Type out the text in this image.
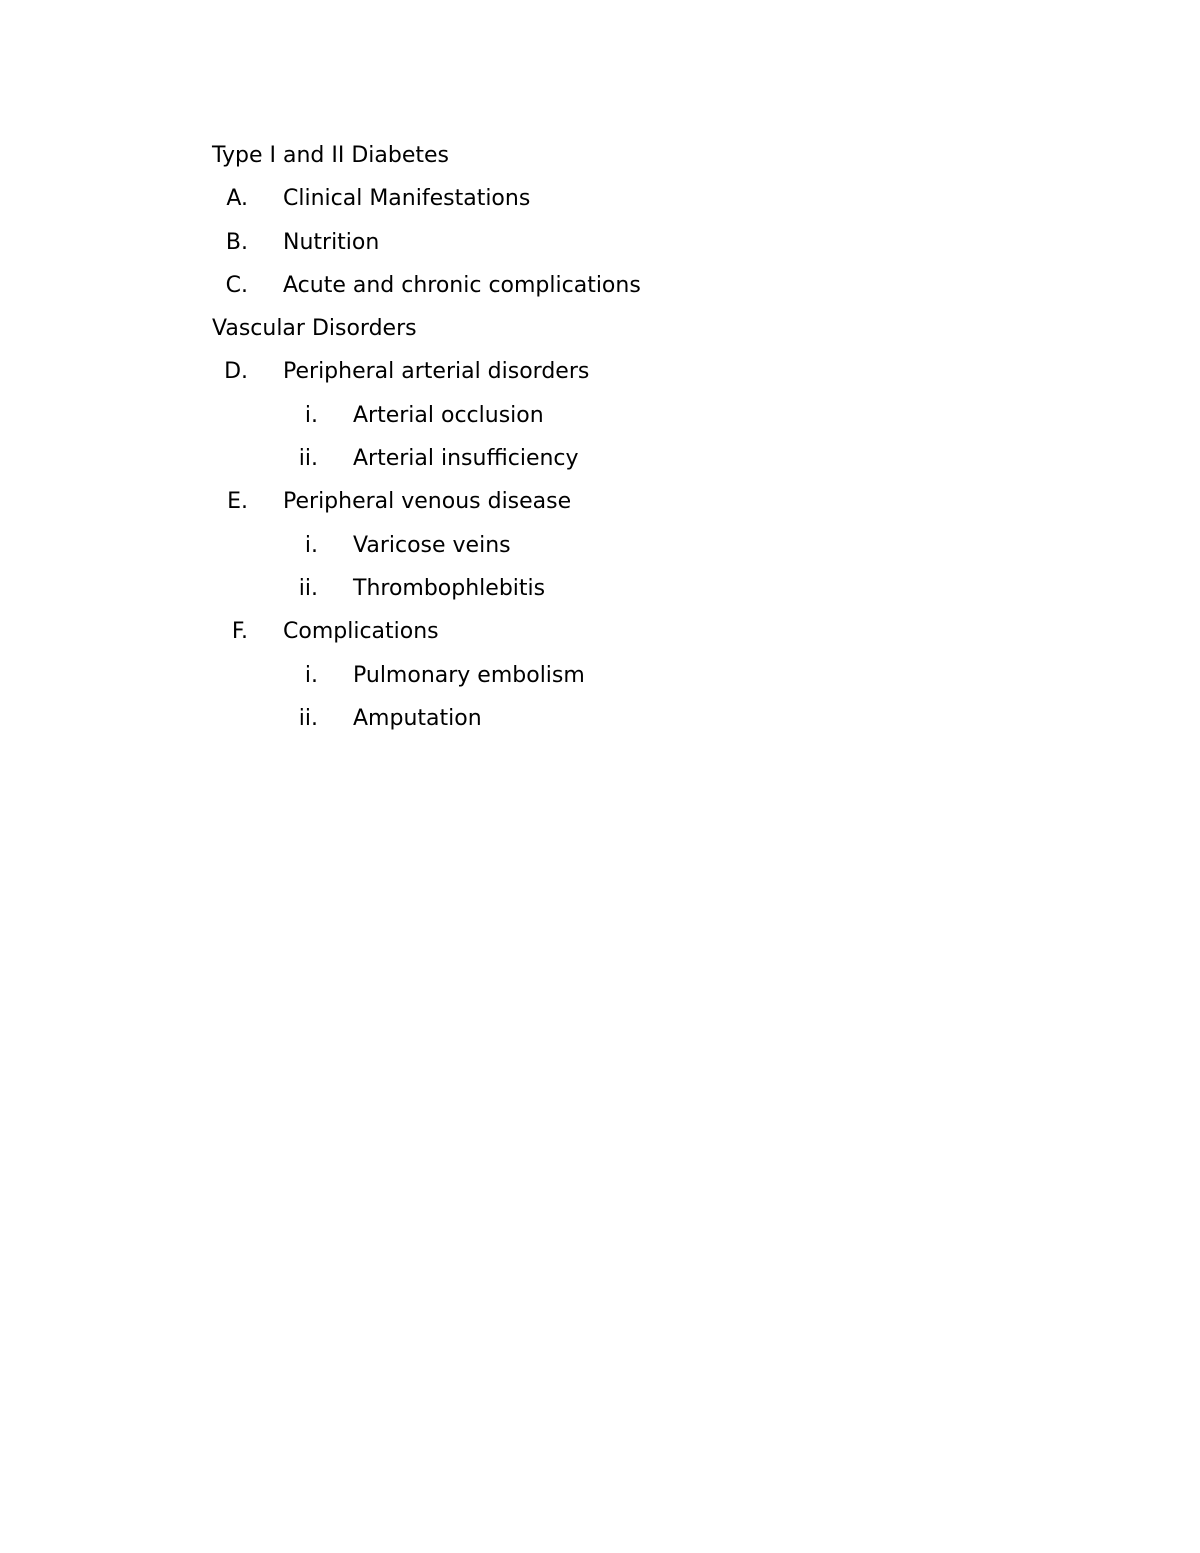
Type I and II Diabetes
A. Clinical Manifestations
B. Nutrition
C. Acute and chronic complications
Vascular Disorders
D. Peripheral arterial disorders
i. Arterial occlusion
ii. Arterial insufficiency
E. Peripheral venous disease
i. Varicose veins
ii. Thrombophlebitis
F. Complications
i. Pulmonary embolism
ii. Amputation
